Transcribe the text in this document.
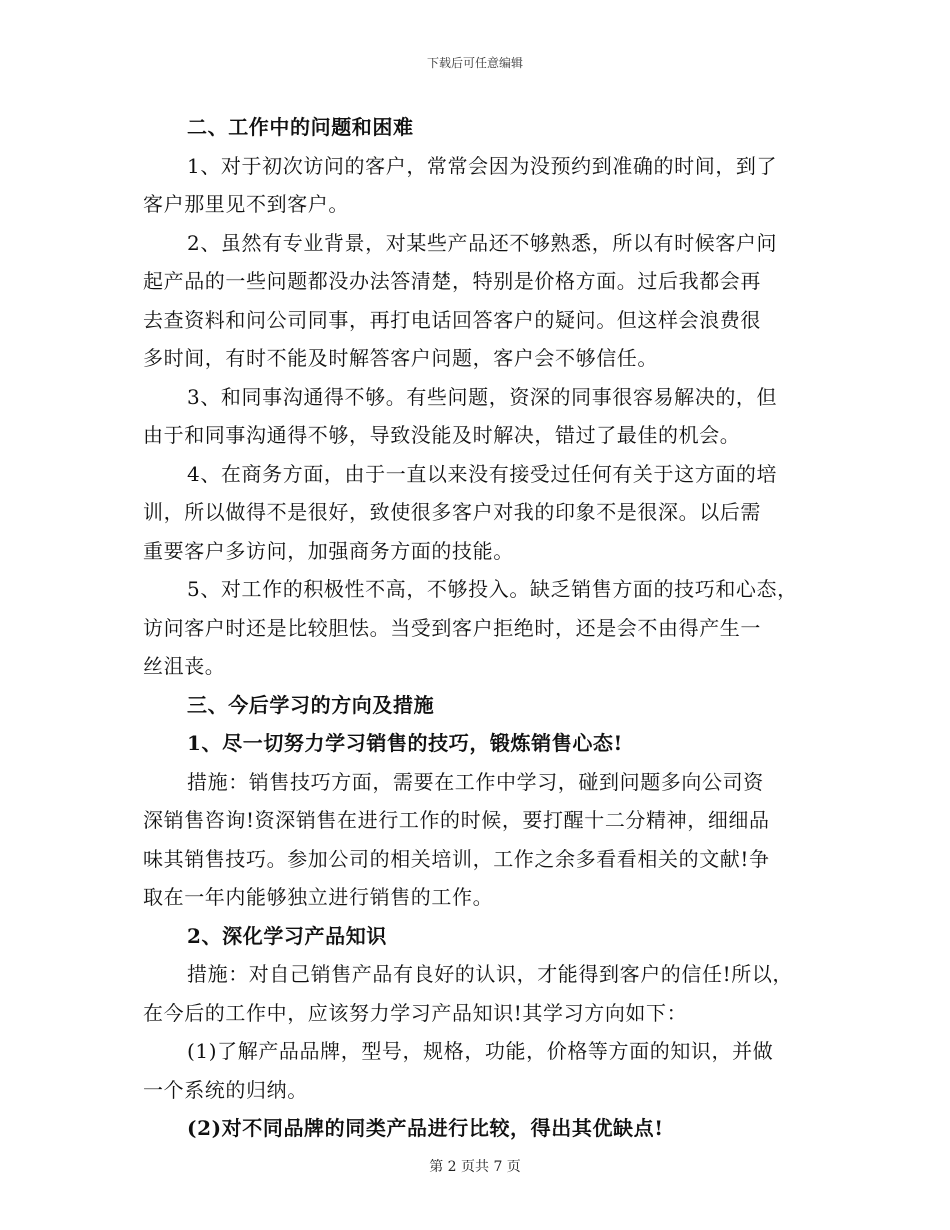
下载后可任意编辑
二、工作中的问题和困难
1、对于初次访问的客户，常常会因为没预约到准确的时间，到了
客户那里见不到客户。
2、虽然有专业背景，对某些产品还不够熟悉，所以有时候客户问
起产品的一些问题都没办法答清楚，特别是价格方面。过后我都会再
去查资料和问公司同事，再打电话回答客户的疑问。但这样会浪费很
多时间，有时不能及时解答客户问题，客户会不够信任。
3、和同事沟通得不够。有些问题，资深的同事很容易解决的，但
由于和同事沟通得不够，导致没能及时解决，错过了最佳的机会。
4、在商务方面，由于一直以来没有接受过任何有关于这方面的培
训，所以做得不是很好，致使很多客户对我的印象不是很深。以后需
重要客户多访问，加强商务方面的技能。
5、对工作的积极性不高，不够投入。缺乏销售方面的技巧和心态，
访问客户时还是比较胆怯。当受到客户拒绝时，还是会不由得产生一
丝沮丧。
三、今后学习的方向及措施
1、尽一切努力学习销售的技巧，锻炼销售心态!
措施：销售技巧方面，需要在工作中学习，碰到问题多向公司资
深销售咨询!资深销售在进行工作的时候，要打醒十二分精神，细细品
味其销售技巧。参加公司的相关培训，工作之余多看看相关的文献!争
取在一年内能够独立进行销售的工作。
2、深化学习产品知识
措施：对自己销售产品有良好的认识，才能得到客户的信任!所以，
在今后的工作中，应该努力学习产品知识!其学习方向如下：
(1)了解产品品牌，型号，规格，功能，价格等方面的知识，并做
一个系统的归纳。
(2)对不同品牌的同类产品进行比较，得出其优缺点!
第 2 页共 7 页
